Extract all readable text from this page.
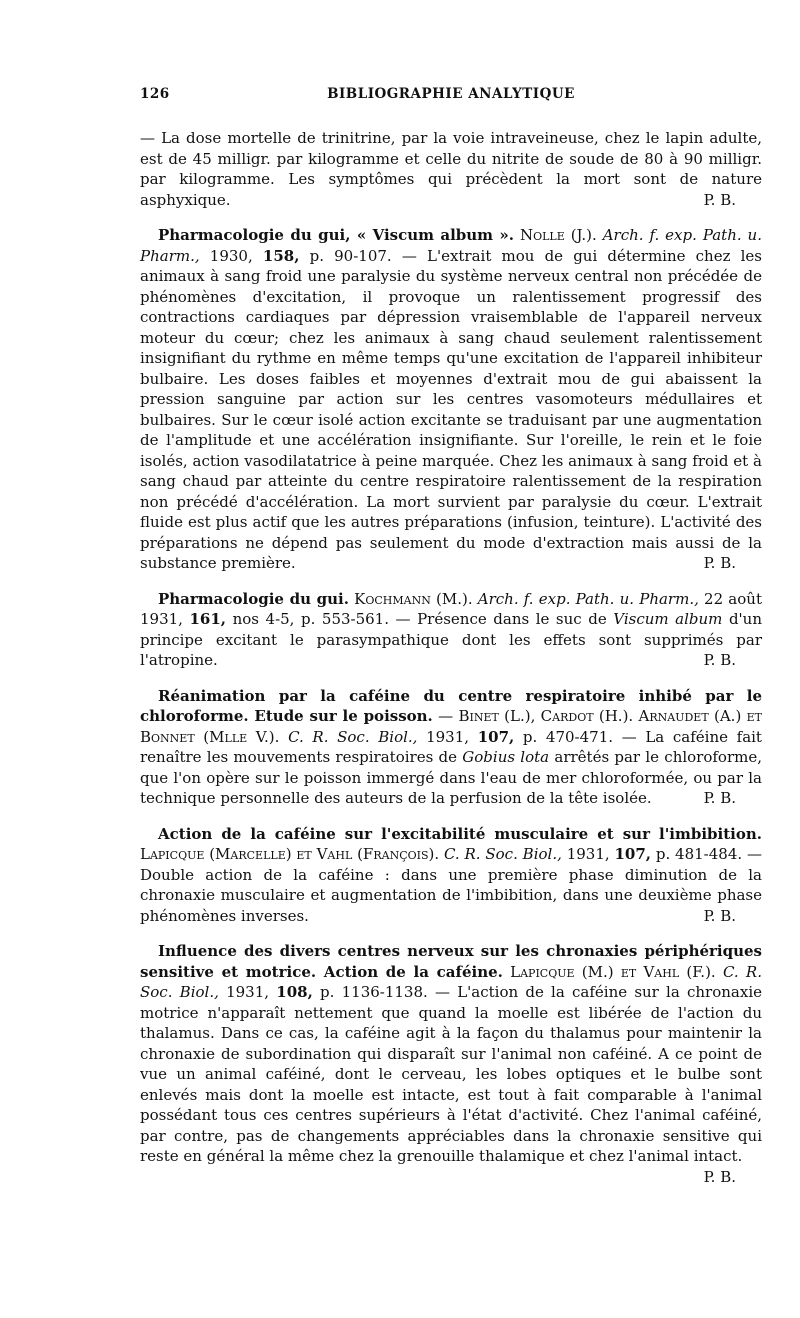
126	BIBLIOGRAPHIE ANALYTIQUE

— La dose mortelle de trinitrine, par la voie intraveineuse, chez le lapin adulte, est de 45 milligr. par kilogramme et celle du nitrite de soude de 80 à 90 milligr. par kilogramme. Les symptômes qui précèdent la mort sont de nature asphyxique.	P. B.

Pharmacologie du gui, « Viscum album ». Nolle (J.). Arch. f. exp. Path. u. Pharm., 1930, 158, p. 90-107. — L'extrait mou de gui détermine chez les animaux à sang froid une paralysie du système nerveux central non précédée de phénomènes d'excitation, il provoque un ralentissement progressif des contractions cardiaques par dépression vraisemblable de l'appareil nerveux moteur du cœur; chez les animaux à sang chaud seulement ralentissement insignifiant du rythme en même temps qu'une excitation de l'appareil inhibiteur bulbaire. Les doses faibles et moyennes d'extrait mou de gui abaissent la pression sanguine par action sur les centres vasomoteurs médullaires et bulbaires. Sur le cœur isolé action excitante se traduisant par une augmentation de l'amplitude et une accélération insignifiante. Sur l'oreille, le rein et le foie isolés, action vasodilatatrice à peine marquée. Chez les animaux à sang froid et à sang chaud par atteinte du centre respiratoire ralentissement de la respiration non précédé d'accélération. La mort survient par paralysie du cœur. L'extrait fluide est plus actif que les autres préparations (infusion, teinture). L'activité des préparations ne dépend pas seulement du mode d'extraction mais aussi de la substance première.	P. B.

Pharmacologie du gui. Kochmann (M.). Arch. f. exp. Path. u. Pharm., 22 août 1931, 161, nos 4-5, p. 553-561. — Présence dans le suc de Viscum album d'un principe excitant le parasympathique dont les effets sont supprimés par l'atropine.	P. B.

Réanimation par la caféine du centre respiratoire inhibé par le chloroforme. Etude sur le poisson. — Binet (L.), Cardot (H.). Arnaudet (A.) et Bonnet (Mlle V.). C. R. Soc. Biol., 1931, 107, p. 470-471. — La caféine fait renaître les mouvements respiratoires de Gobius lota arrêtés par le chloroforme, que l'on opère sur le poisson immergé dans l'eau de mer chloroformée, ou par la technique personnelle des auteurs de la perfusion de la tête isolée.	P. B.

Action de la caféine sur l'excitabilité musculaire et sur l'imbibition. Lapicque (Marcelle) et Vahl (François). C. R. Soc. Biol., 1931, 107, p. 481-484. — Double action de la caféine : dans une première phase diminution de la chronaxie musculaire et augmentation de l'imbibition, dans une deuxième phase phénomènes inverses.	P. B.

Influence des divers centres nerveux sur les chronaxies périphériques sensitive et motrice. Action de la caféine. Lapicque (M.) et Vahl (F.). C. R. Soc. Biol., 1931, 108, p. 1136-1138. — L'action de la caféine sur la chronaxie motrice n'apparaît nettement que quand la moelle est libérée de l'action du thalamus. Dans ce cas, la caféine agit à la façon du thalamus pour maintenir la chronaxie de subordination qui disparaît sur l'animal non caféiné. A ce point de vue un animal caféiné, dont le cerveau, les lobes optiques et le bulbe sont enlevés mais dont la moelle est intacte, est tout à fait comparable à l'animal possédant tous ces centres supérieurs à l'état d'activité. Chez l'animal caféiné, par contre, pas de changements appréciables dans la chronaxie sensitive qui reste en général la même chez la grenouille thalamique et chez l'animal intact.
P. B.
